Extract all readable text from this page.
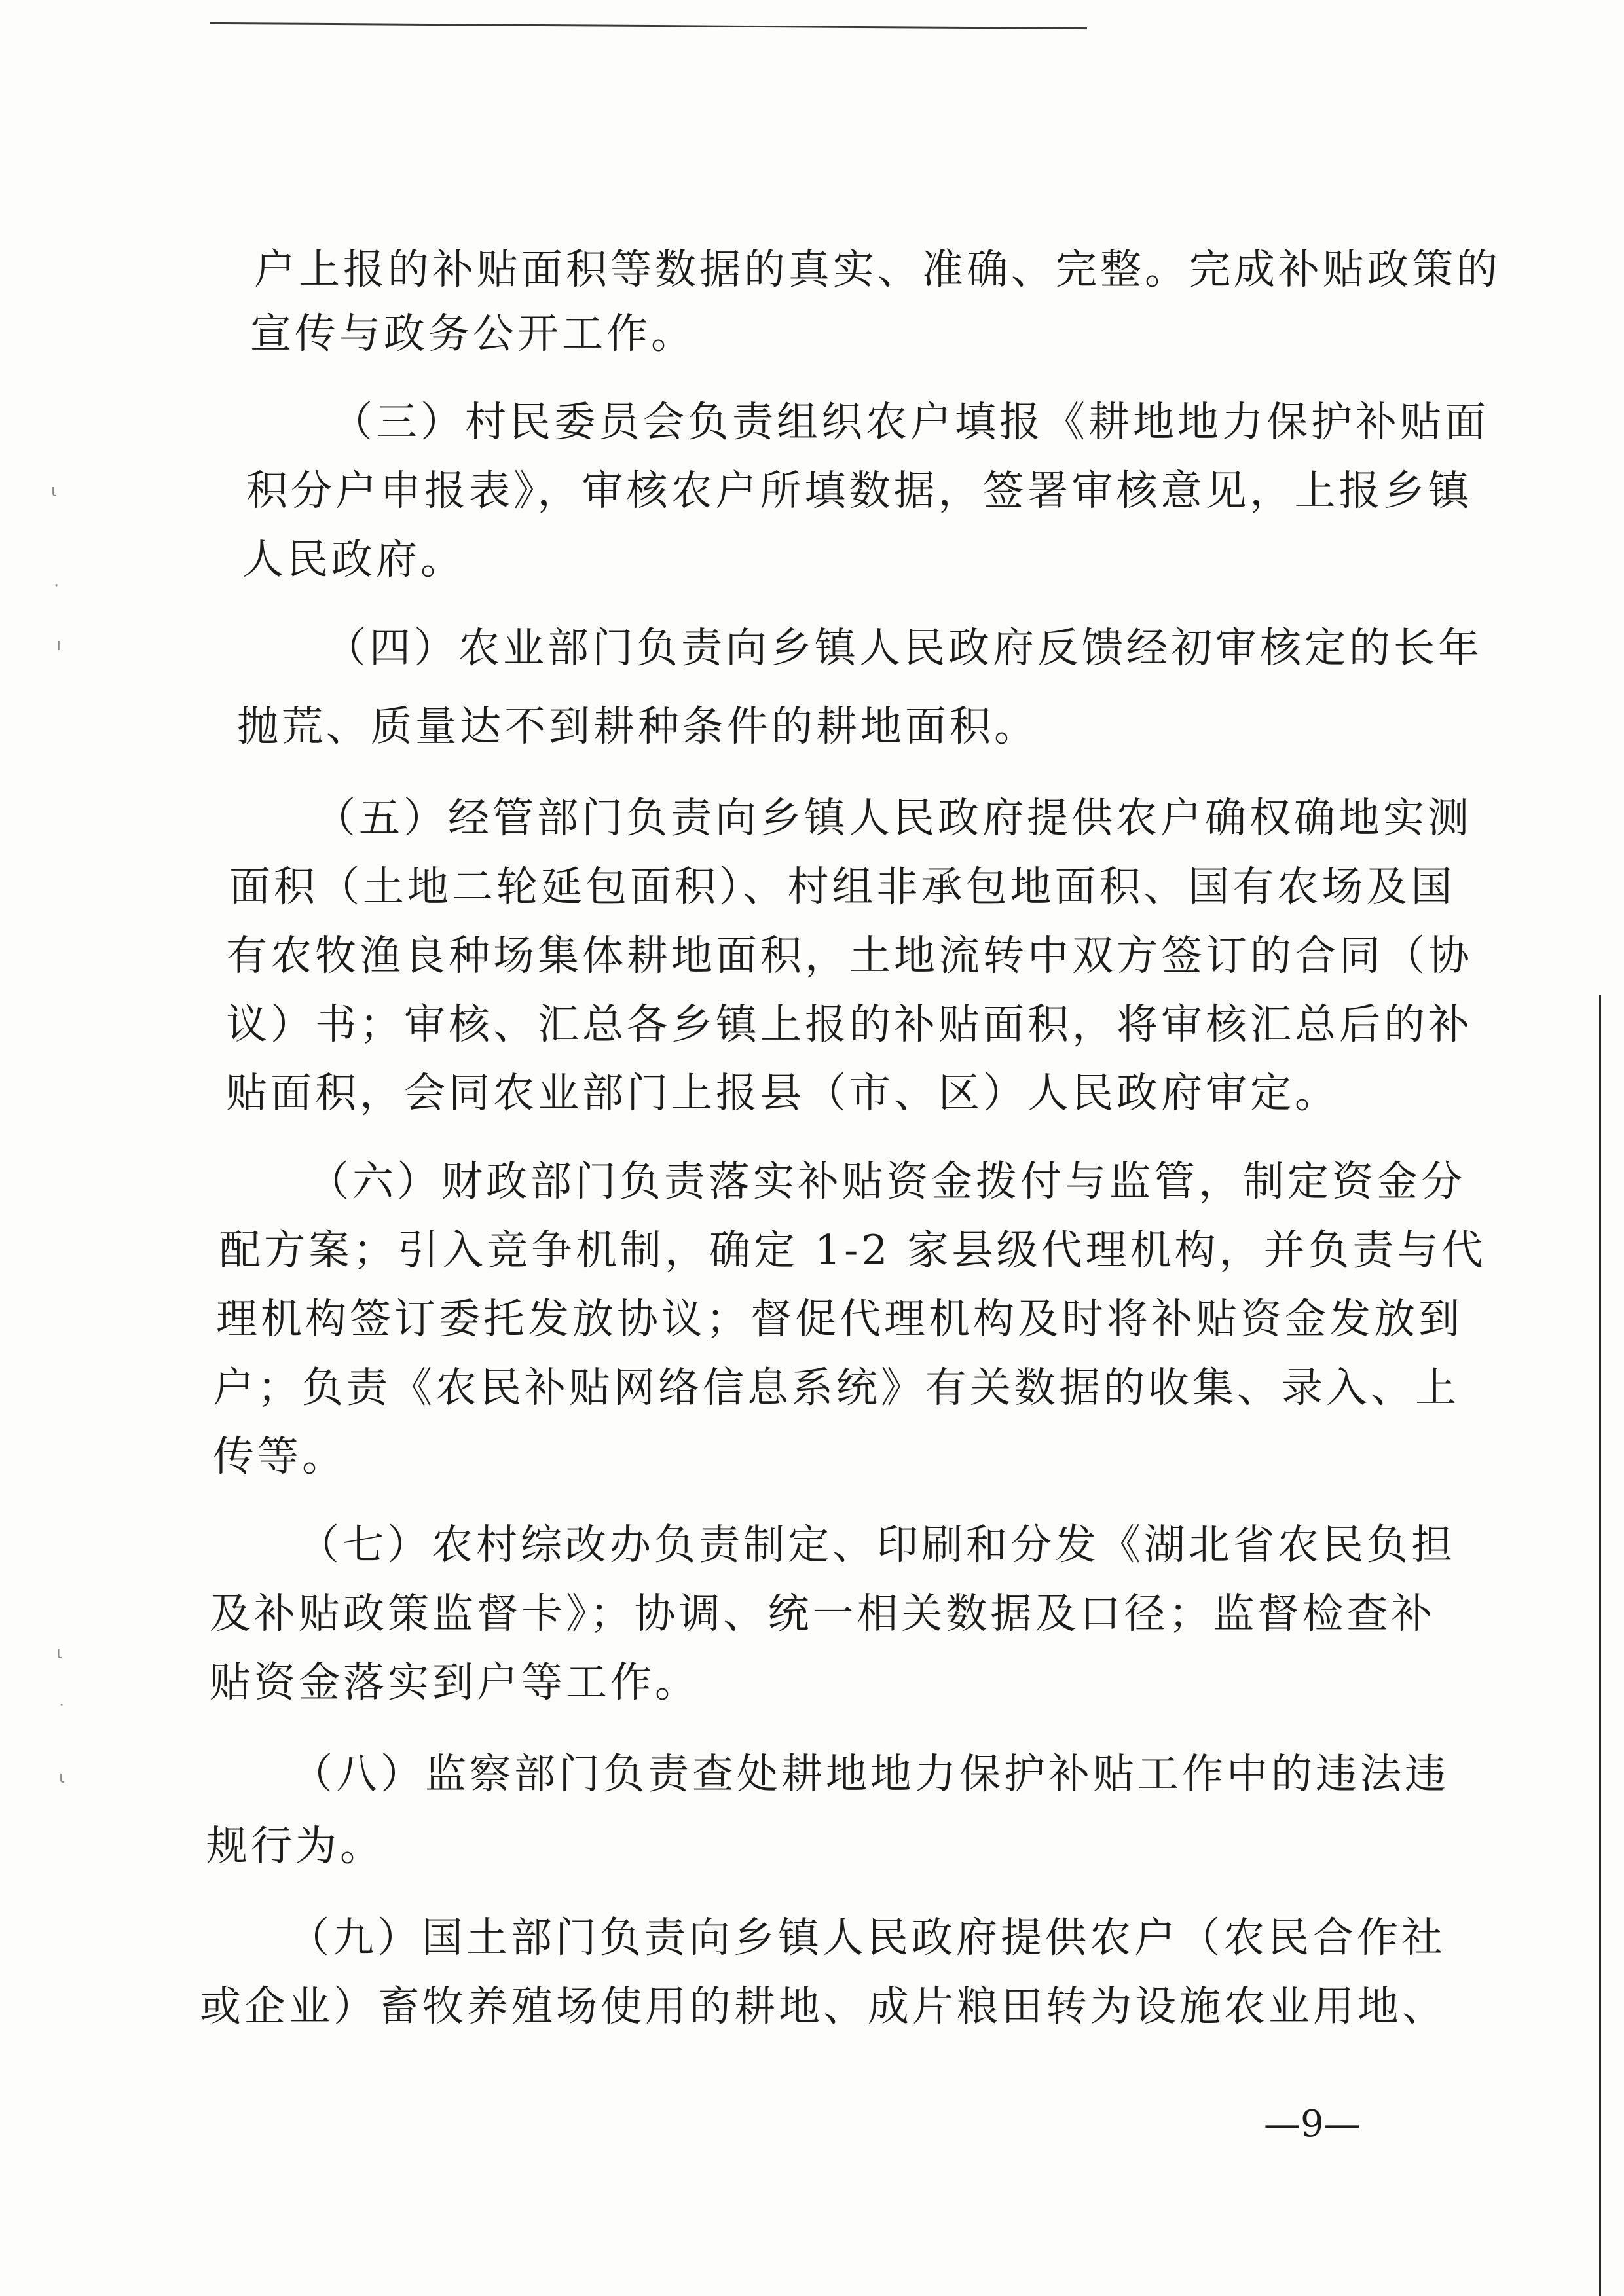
ι
·
ı
ι
·
ι
户上报的补贴面积等数据的真实、准确、完整。完成补贴政策的
宣传与政务公开工作。
（三）村民委员会负责组织农户填报《耕地地力保护补贴面
积分户申报表》，审核农户所填数据，签署审核意见，上报乡镇
人民政府。
（四）农业部门负责向乡镇人民政府反馈经初审核定的长年
抛荒、质量达不到耕种条件的耕地面积。
（五）经管部门负责向乡镇人民政府提供农户确权确地实测
面积（土地二轮延包面积）、村组非承包地面积、国有农场及国
有农牧渔良种场集体耕地面积，土地流转中双方签订的合同（协
议）书；审核、汇总各乡镇上报的补贴面积，将审核汇总后的补
贴面积，会同农业部门上报县（市、区）人民政府审定。
（六）财政部门负责落实补贴资金拨付与监管，制定资金分
配方案；引入竞争机制，确定 1-2 家县级代理机构，并负责与代
理机构签订委托发放协议；督促代理机构及时将补贴资金发放到
户；负责《农民补贴网络信息系统》有关数据的收集、录入、上
传等。
（七）农村综改办负责制定、印刷和分发《湖北省农民负担
及补贴政策监督卡》；协调、统一相关数据及口径；监督检查补
贴资金落实到户等工作。
（八）监察部门负责查处耕地地力保护补贴工作中的违法违
规行为。
（九）国土部门负责向乡镇人民政府提供农户（农民合作社
或企业）畜牧养殖场使用的耕地、成片粮田转为设施农业用地、
—9—
